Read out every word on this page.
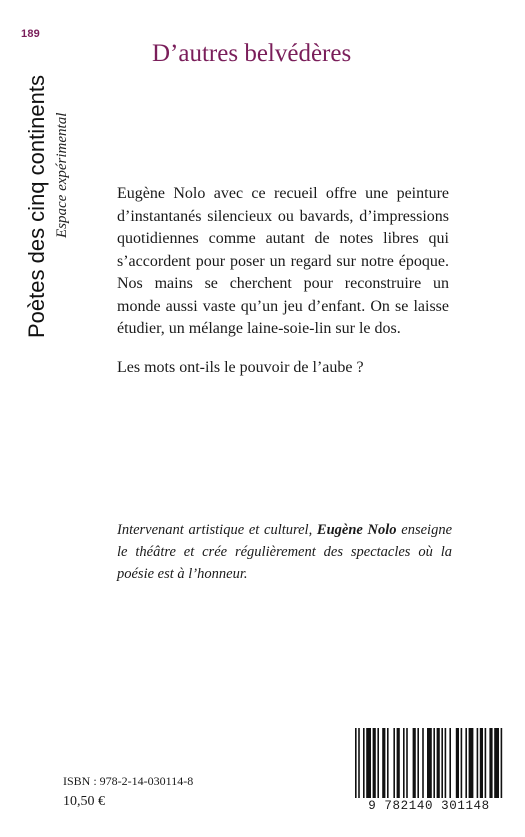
189
Poètes des cinq continents Espace expérimental
D’autres belvédères

Eugène Nolo avec ce recueil offre une peinture d’instantanés silencieux ou bavards, d’impressions quotidiennes comme autant de notes libres qui s’accordent pour poser un regard sur notre époque. Nos mains se cherchent pour reconstruire un monde aussi vaste qu’un jeu d’enfant. On se laisse étudier, un mélange laine-soie-lin sur le dos.

Les mots ont-ils le pouvoir de l’aube ?
Intervenant artistique et culturel, Eugène Nolo enseigne le théâtre et crée régulièrement des spectacles où la poésie est à l’honneur.
ISBN : 978-2-14-030114-8
10,50 €	9 782140 301148
